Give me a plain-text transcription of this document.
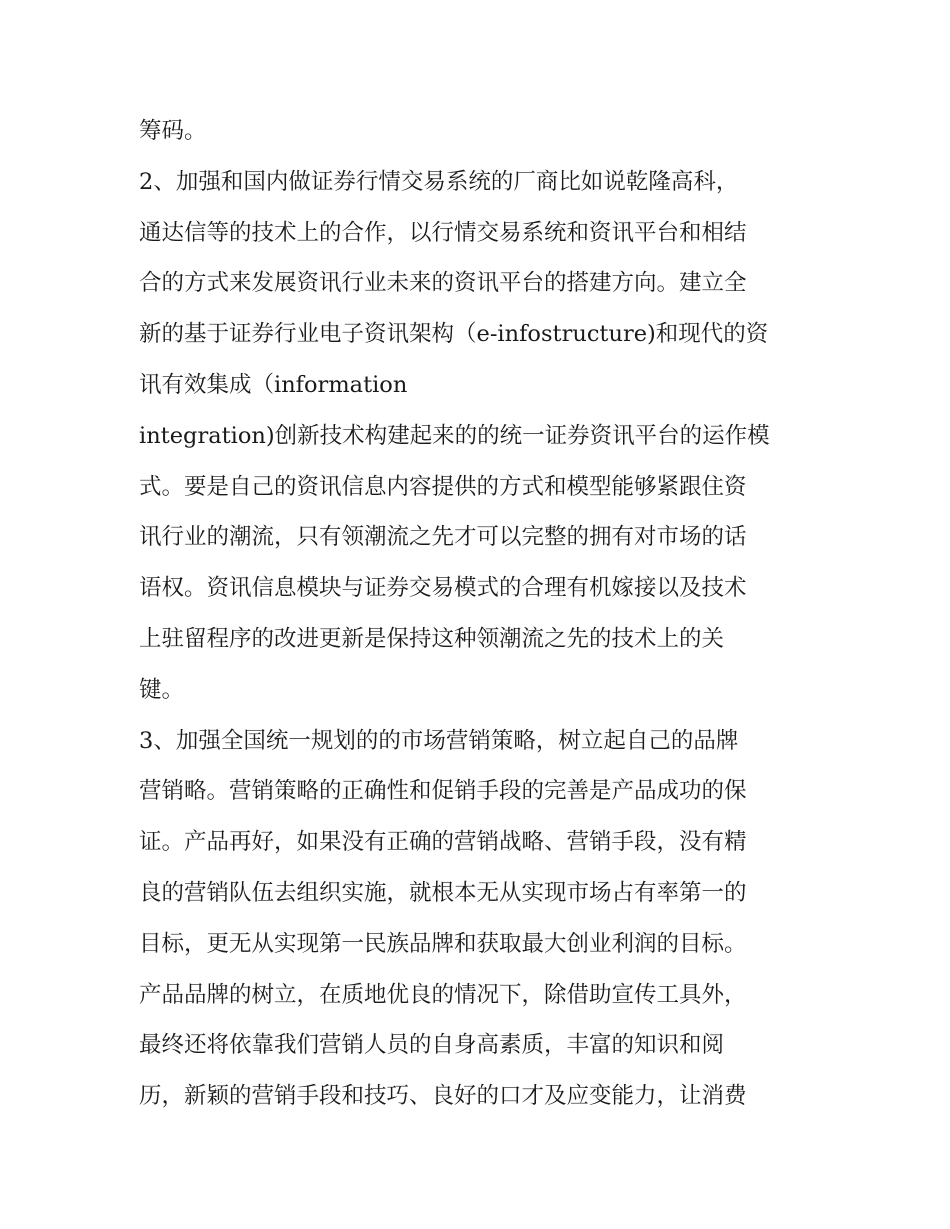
筹码。
2、加强和国内做证券行情交易系统的厂商比如说乾隆高科，
通达信等的技术上的合作，以行情交易系统和资讯平台和相结
合的方式来发展资讯行业未来的资讯平台的搭建方向。建立全
新的基于证券行业电子资讯架构（e-infostructure)和现代的资
讯有效集成（information
integration)创新技术构建起来的的统一证券资讯平台的运作模
式。要是自己的资讯信息内容提供的方式和模型能够紧跟住资
讯行业的潮流，只有领潮流之先才可以完整的拥有对市场的话
语权。资讯信息模块与证券交易模式的合理有机嫁接以及技术
上驻留程序的改进更新是保持这种领潮流之先的技术上的关
键。
3、加强全国统一规划的的市场营销策略，树立起自己的品牌
营销略。营销策略的正确性和促销手段的完善是产品成功的保
证。产品再好，如果没有正确的营销战略、营销手段，没有精
良的营销队伍去组织实施，就根本无从实现市场占有率第一的
目标，更无从实现第一民族品牌和获取最大创业利润的目标。
产品品牌的树立，在质地优良的情况下，除借助宣传工具外，
最终还将依靠我们营销人员的自身高素质，丰富的知识和阅
历，新颖的营销手段和技巧、良好的口才及应变能力，让消费
